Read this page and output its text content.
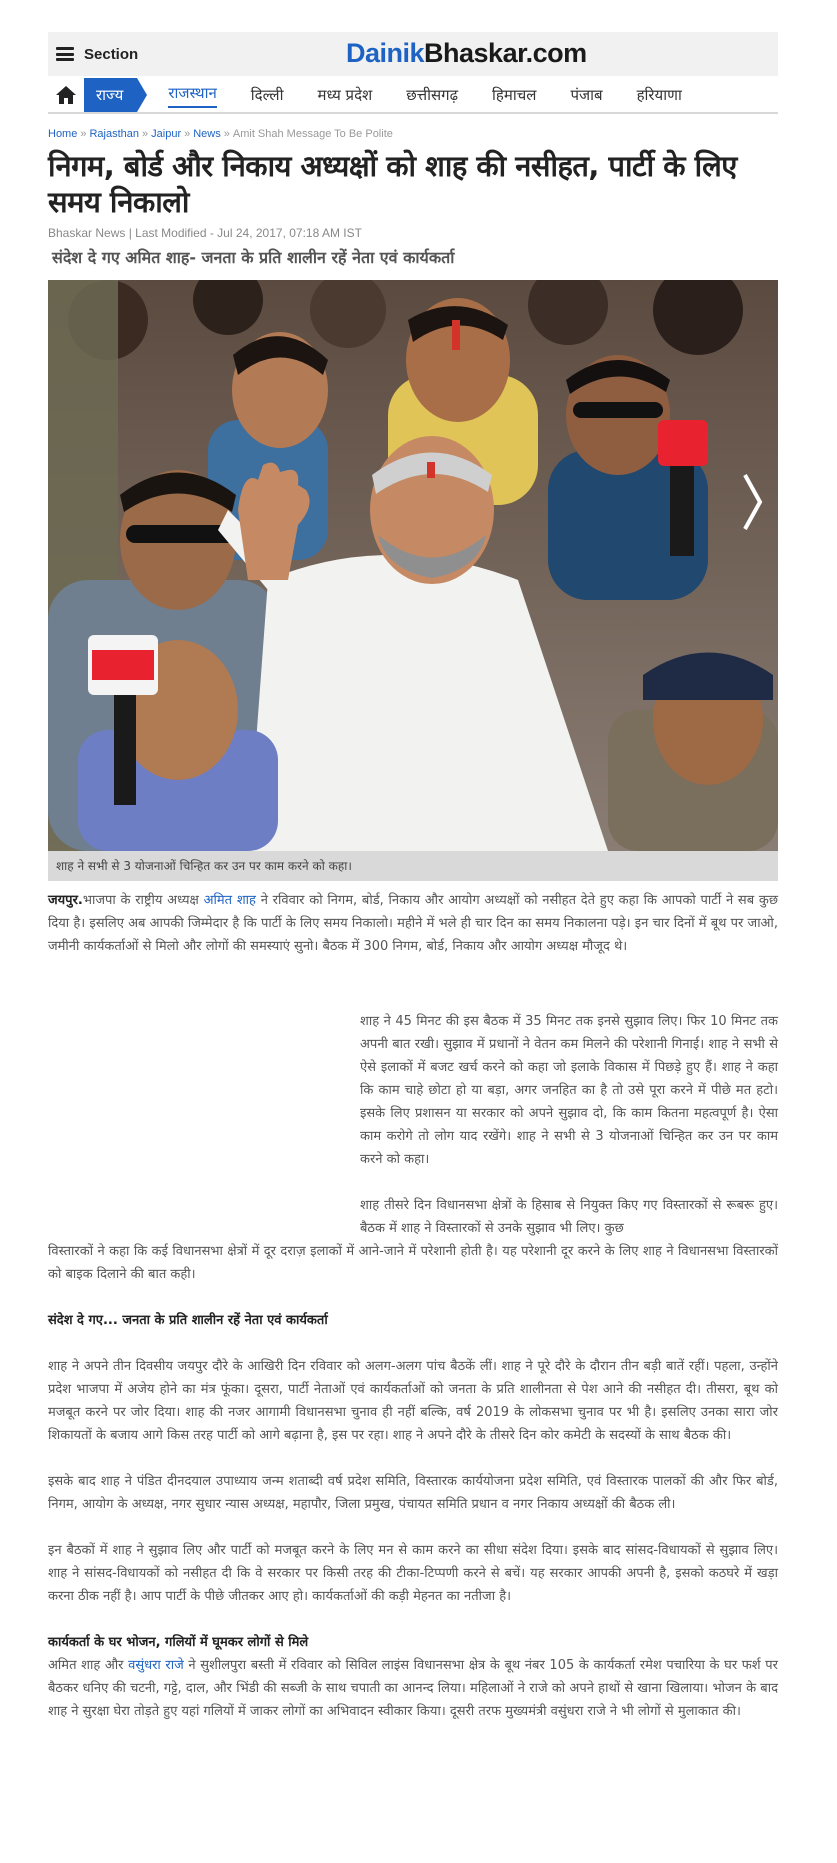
Section	DainikBhaskar.com
राज्य	राजस्थान दिल्ली मध्य प्रदेश छत्तीसगढ़ हिमाचल पंजाब हरियाणा
Home » Rajasthan » Jaipur » News » Amit Shah Message To Be Polite
निगम, बोर्ड और निकाय अध्यक्षों को शाह की नसीहत, पार्टी के लिए समय निकालो
Bhaskar News | Last Modified - Jul 24, 2017, 07:18 AM IST
संदेश दे गए अमित शाह- जनता के प्रति शालीन रहें नेता एवं कार्यकर्ता
शाह ने सभी से 3 योजनाओं चिन्हित कर उन पर काम करने को कहा।

जयपुर.भाजपा के राष्ट्रीय अध्यक्ष अमित शाह ने रविवार को निगम, बोर्ड, निकाय और आयोग अध्यक्षों को नसीहत देते हुए कहा कि आपको पार्टी ने सब कुछ दिया है। इसलिए अब आपकी जिम्मेदार है कि पार्टी के लिए समय निकालो। महीने में भले ही चार दिन का समय निकालना पड़े। इन चार दिनों में बूथ पर जाओ, जमीनी कार्यकर्ताओं से मिलो और लोगों की समस्याएं सुनो। बैठक में 300 निगम, बोर्ड, निकाय और आयोग अध्यक्ष मौजूद थे।

शाह ने 45 मिनट की इस बैठक में 35 मिनट तक इनसे सुझाव लिए। फिर 10 मिनट तक अपनी बात रखी। सुझाव में प्रधानों ने वेतन कम मिलने की परेशानी गिनाई। शाह ने सभी से ऐसे इलाकों में बजट खर्च करने को कहा जो इलाके विकास में पिछड़े हुए हैं। शाह ने कहा कि काम चाहे छोटा हो या बड़ा, अगर जनहित का है तो उसे पूरा करने में पीछे मत हटो। इसके लिए प्रशासन या सरकार को अपने सुझाव दो, कि काम कितना महत्वपूर्ण है। ऐसा काम करोगे तो लोग याद रखेंगे। शाह ने सभी से 3 योजनाओं चिन्हित कर उन पर काम करने को कहा।

शाह तीसरे दिन विधानसभा क्षेत्रों के हिसाब से नियुक्त किए गए विस्तारकों से रूबरू हुए। बैठक में शाह ने विस्तारकों से उनके सुझाव भी लिए। कुछ

विस्तारकों ने कहा कि कई विधानसभा क्षेत्रों में दूर दराज़ इलाकों में आने-जाने में परेशानी होती है। यह परेशानी दूर करने के लिए शाह ने विधानसभा विस्तारकों को बाइक दिलाने की बात कही।

संदेश दे गए... जनता के प्रति शालीन रहें नेता एवं कार्यकर्ता

शाह ने अपने तीन दिवसीय जयपुर दौरे के आखिरी दिन रविवार को अलग-अलग पांच बैठकें लीं। शाह ने पूरे दौरे के दौरान तीन बड़ी बातें रहीं। पहला, उन्होंने प्रदेश भाजपा में अजेय होने का मंत्र फूंका। दूसरा, पार्टी नेताओं एवं कार्यकर्ताओं को जनता के प्रति शालीनता से पेश आने की नसीहत दी। तीसरा, बूथ को मजबूत करने पर जोर दिया। शाह की नजर आगामी विधानसभा चुनाव ही नहीं बल्कि, वर्ष 2019 के लोकसभा चुनाव पर भी है। इसलिए उनका सारा जोर शिकायतों के बजाय आगे किस तरह पार्टी को आगे बढ़ाना है, इस पर रहा। शाह ने अपने दौरे के तीसरे दिन कोर कमेटी के सदस्यों के साथ बैठक की।

इसके बाद शाह ने पंडित दीनदयाल उपाध्याय जन्म शताब्दी वर्ष प्रदेश समिति, विस्तारक कार्ययोजना प्रदेश समिति, एवं विस्तारक पालकों की और फिर बोर्ड, निगम, आयोग के अध्यक्ष, नगर सुधार न्यास अध्यक्ष, महापौर, जिला प्रमुख, पंचायत समिति प्रधान व नगर निकाय अध्यक्षों की बैठक ली।

इन बैठकों में शाह ने सुझाव लिए और पार्टी को मजबूत करने के लिए मन से काम करने का सीधा संदेश दिया। इसके बाद सांसद-विधायकों से सुझाव लिए। शाह ने सांसद-विधायकों को नसीहत दी कि वे सरकार पर किसी तरह की टीका-टिप्पणी करने से बचें। यह सरकार आपकी अपनी है, इसको कठघरे में खड़ा करना ठीक नहीं है। आप पार्टी के पीछे जीतकर आए हो। कार्यकर्ताओं की कड़ी मेहनत का नतीजा है।

कार्यकर्ता के घर भोजन, गलियों में घूमकर लोगों से मिले

अमित शाह और वसुंधरा राजे ने सुशीलपुरा बस्ती में रविवार को सिविल लाइंस विधानसभा क्षेत्र के बूथ नंबर 105 के कार्यकर्ता रमेश पचारिया के घर फर्श पर बैठकर धनिए की चटनी, गट्टे, दाल, और भिंडी की सब्जी के साथ चपाती का आनन्द लिया। महिलाओं ने राजे को अपने हाथों से खाना खिलाया। भोजन के बाद शाह ने सुरक्षा घेरा तोड़ते हुए यहां गलियों में जाकर लोगों का अभिवादन स्वीकार किया। दूसरी तरफ मुख्यमंत्री वसुंधरा राजे ने भी लोगों से मुलाकात की।
